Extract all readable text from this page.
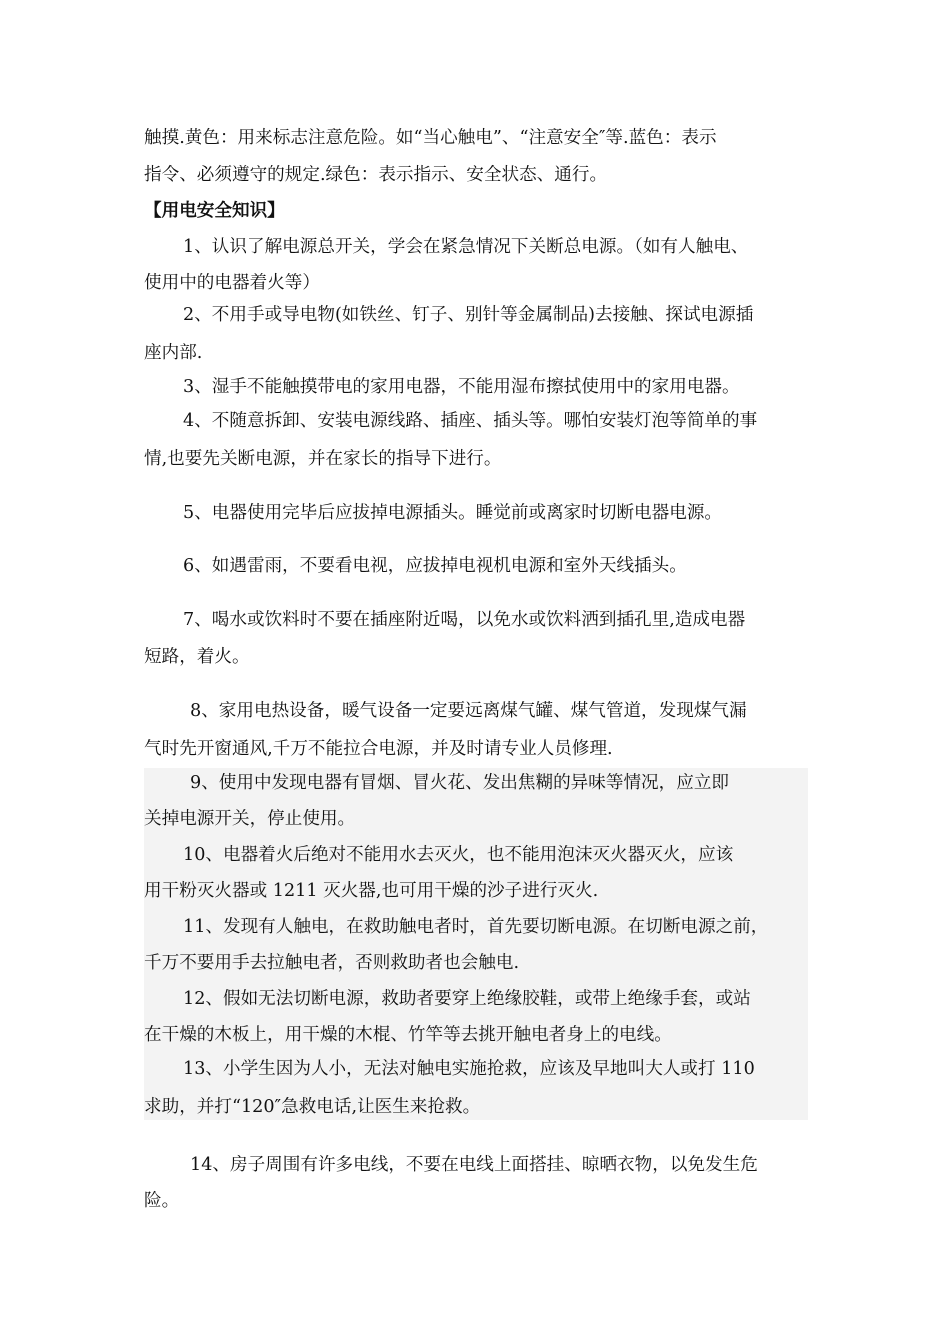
触摸.黄色：用来标志注意危险。如“当心触电”、“注意安全″等.蓝色：表示
指令、必须遵守的规定.绿色：表示指示、安全状态、通行。
【用电安全知识】
1、认识了解电源总开关，学会在紧急情况下关断总电源。（如有人触电、
使用中的电器着火等）
2、不用手或导电物(如铁丝、钉子、别针等金属制品)去接触、探试电源插
座内部.
3、湿手不能触摸带电的家用电器，不能用湿布擦拭使用中的家用电器。
4、不随意拆卸、安装电源线路、插座、插头等。哪怕安装灯泡等简单的事
情,也要先关断电源，并在家长的指导下进行。
5、电器使用完毕后应拔掉电源插头。睡觉前或离家时切断电器电源。
6、如遇雷雨，不要看电视，应拔掉电视机电源和室外天线插头。
7、喝水或饮料时不要在插座附近喝，以免水或饮料洒到插孔里,造成电器
短路，着火。
8、家用电热设备，暖气设备一定要远离煤气罐、煤气管道，发现煤气漏
气时先开窗通风,千万不能拉合电源，并及时请专业人员修理.
9、使用中发现电器有冒烟、冒火花、发出焦糊的异味等情况，应立即
关掉电源开关，停止使用。
10、电器着火后绝对不能用水去灭火，也不能用泡沫灭火器灭火，应该
用干粉灭火器或 1211 灭火器,也可用干燥的沙子进行灭火.
11、发现有人触电，在救助触电者时，首先要切断电源。在切断电源之前，
千万不要用手去拉触电者，否则救助者也会触电.
12、假如无法切断电源，救助者要穿上绝缘胶鞋，或带上绝缘手套，或站
在干燥的木板上，用干燥的木棍、竹竿等去挑开触电者身上的电线。
13、小学生因为人小，无法对触电实施抢救，应该及早地叫大人或打 110
求助，并打“120″急救电话,让医生来抢救。
14、房子周围有许多电线，不要在电线上面搭挂、晾晒衣物，以免发生危
险。
